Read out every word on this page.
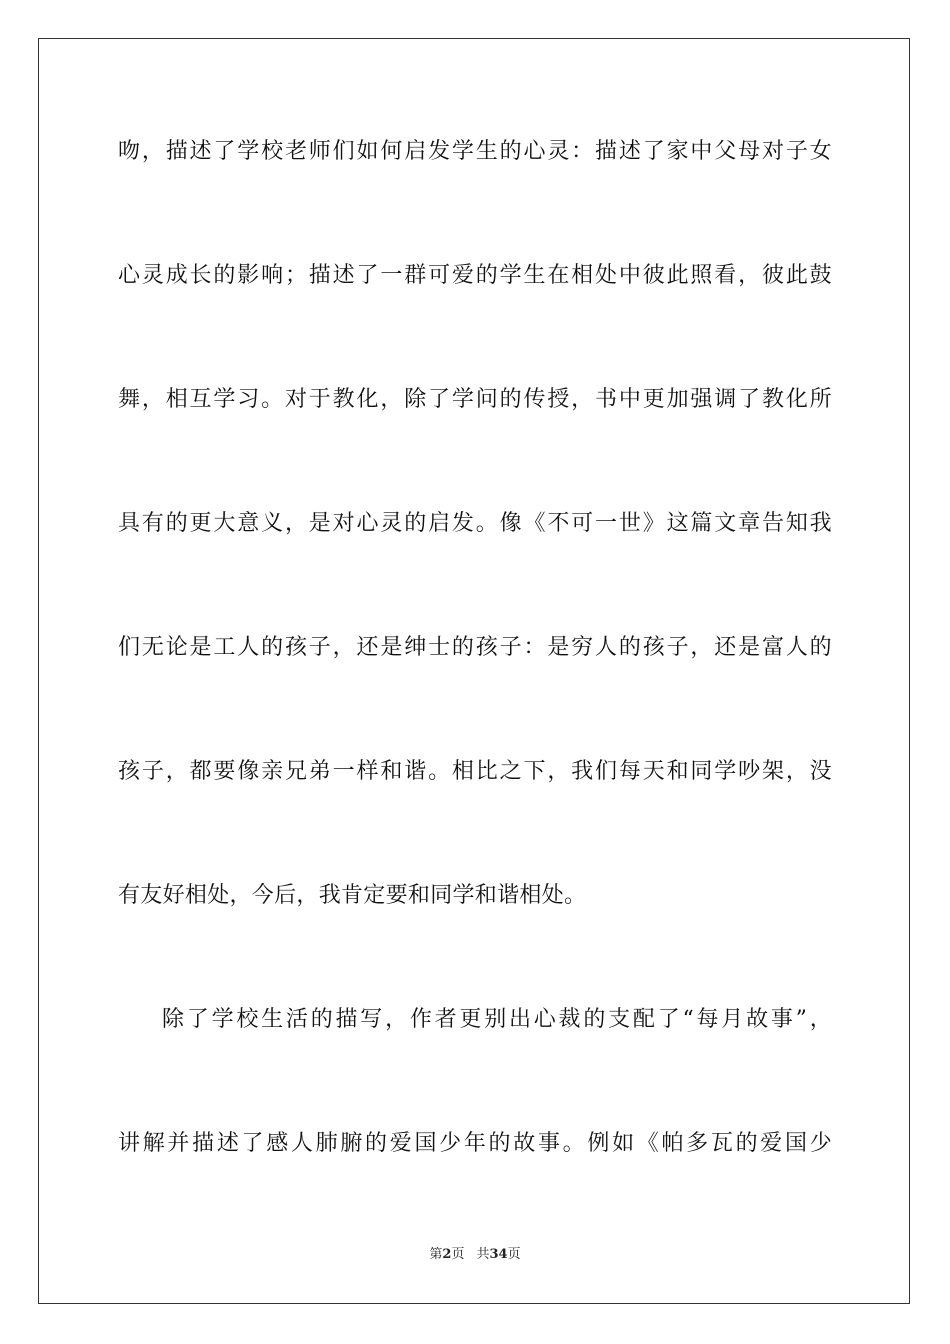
吻，描述了学校老师们如何启发学生的心灵：描述了家中父母对子女
心灵成长的影响；描述了一群可爱的学生在相处中彼此照看，彼此鼓
舞，相互学习。对于教化，除了学问的传授，书中更加强调了教化所
具有的更大意义，是对心灵的启发。像《不可一世》这篇文章告知我
们无论是工人的孩子，还是绅士的孩子：是穷人的孩子，还是富人的
孩子，都要像亲兄弟一样和谐。相比之下，我们每天和同学吵架，没
有友好相处，今后，我肯定要和同学和谐相处。
除了学校生活的描写，作者更别出心裁的支配了“每月故事”，
讲解并描述了感人肺腑的爱国少年的故事。例如《帕多瓦的爱国少
第2页 共34页
